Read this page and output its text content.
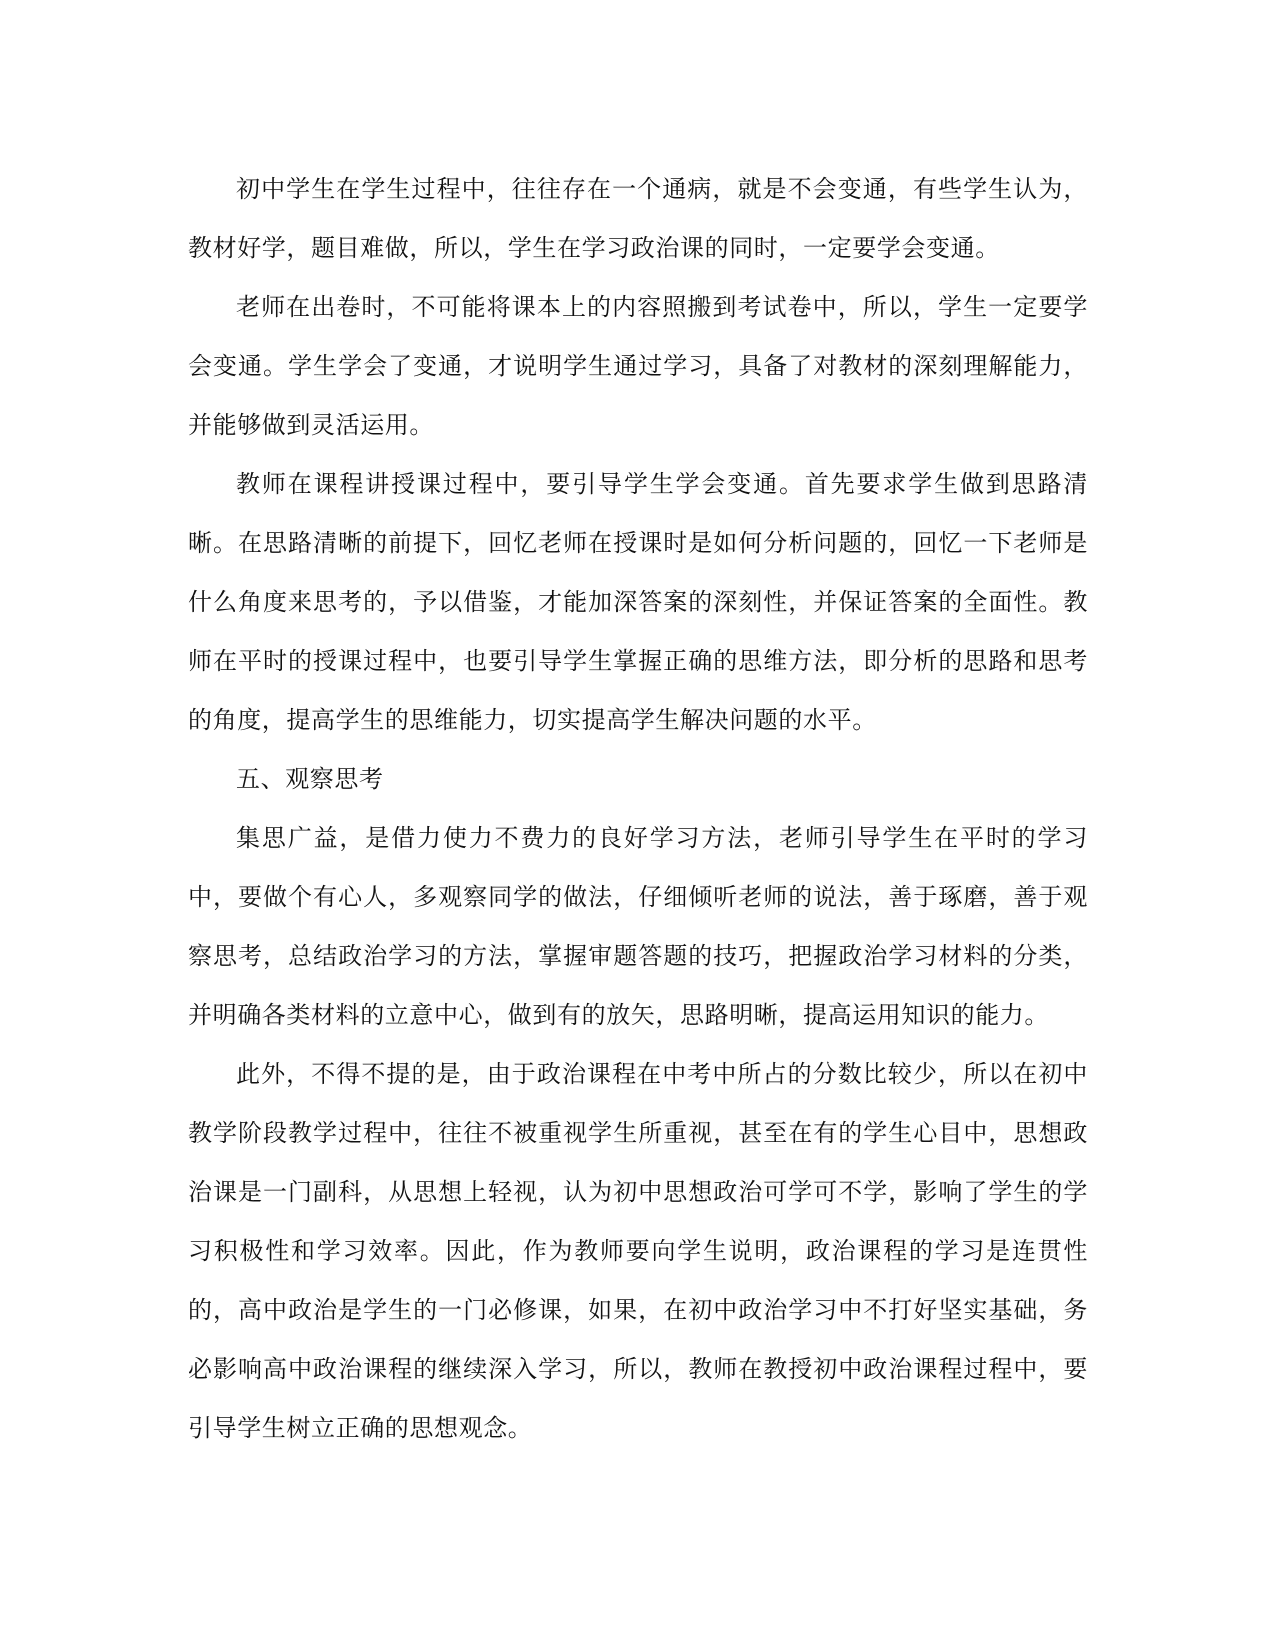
初中学生在学生过程中，往往存在一个通病，就是不会变通，有些学生认为，教材好学，题目难做，所以，学生在学习政治课的同时，一定要学会变通。

老师在出卷时，不可能将课本上的内容照搬到考试卷中，所以，学生一定要学会变通。学生学会了变通，才说明学生通过学习，具备了对教材的深刻理解能力，并能够做到灵活运用。

教师在课程讲授课过程中，要引导学生学会变通。首先要求学生做到思路清晰。在思路清晰的前提下，回忆老师在授课时是如何分析问题的，回忆一下老师是什么角度来思考的，予以借鉴，才能加深答案的深刻性，并保证答案的全面性。教师在平时的授课过程中，也要引导学生掌握正确的思维方法，即分析的思路和思考的角度，提高学生的思维能力，切实提高学生解决问题的水平。

五、观察思考

集思广益，是借力使力不费力的良好学习方法，老师引导学生在平时的学习中，要做个有心人，多观察同学的做法，仔细倾听老师的说法，善于琢磨，善于观察思考，总结政治学习的方法，掌握审题答题的技巧，把握政治学习材料的分类，并明确各类材料的立意中心，做到有的放矢，思路明晰，提高运用知识的能力。

此外，不得不提的是，由于政治课程在中考中所占的分数比较少，所以在初中教学阶段教学过程中，往往不被重视学生所重视，甚至在有的学生心目中，思想政治课是一门副科，从思想上轻视，认为初中思想政治可学可不学，影响了学生的学习积极性和学习效率。因此，作为教师要向学生说明，政治课程的学习是连贯性的，高中政治是学生的一门必修课，如果，在初中政治学习中不打好坚实基础，务必影响高中政治课程的继续深入学习，所以，教师在教授初中政治课程过程中，要引导学生树立正确的思想观念。
